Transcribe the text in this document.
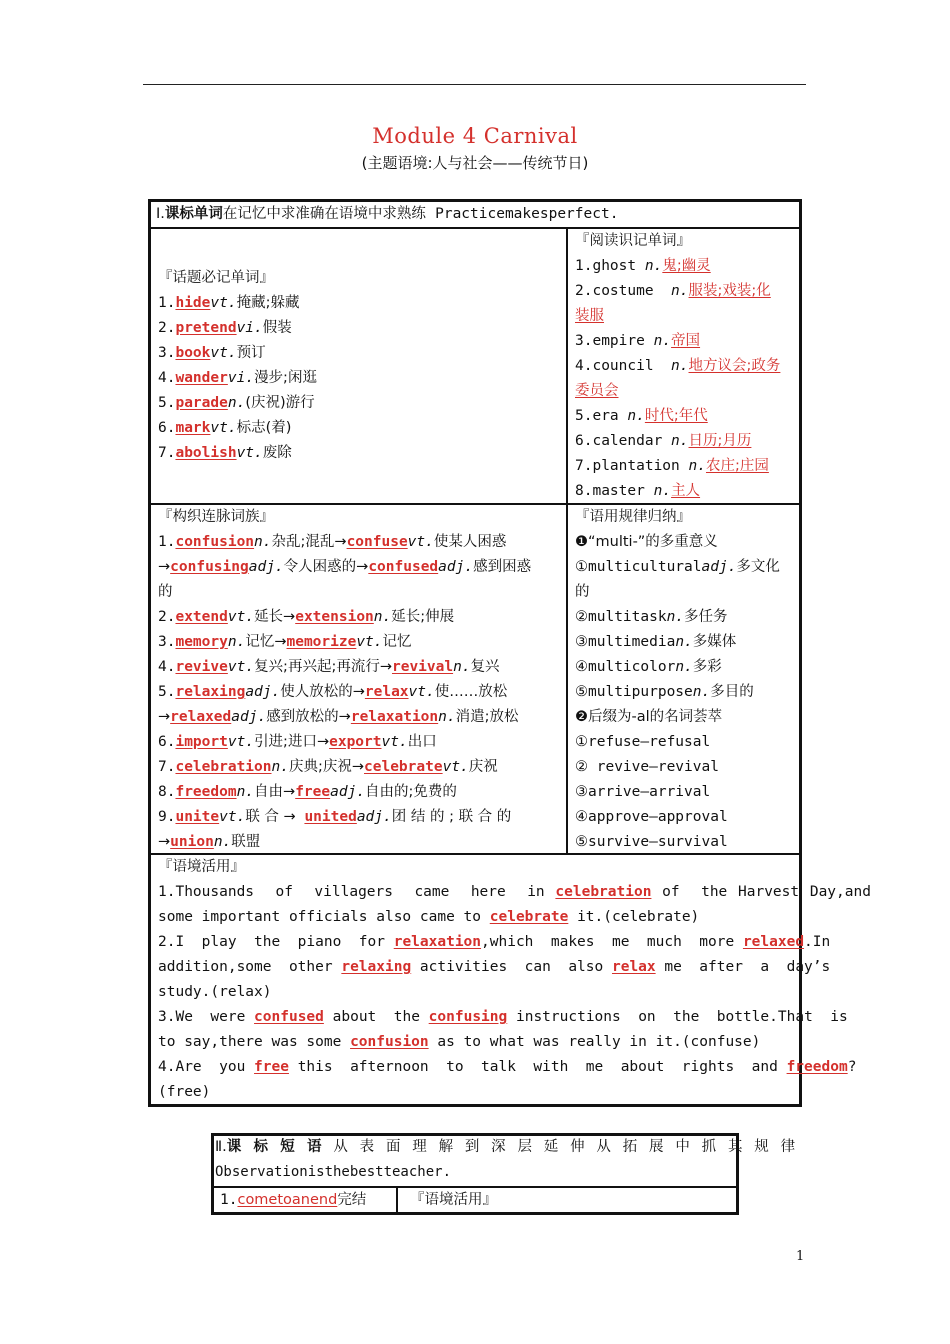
Module 4 Carnival
(主题语境:人与社会——传统节日)
Ⅰ.课标单词在记忆中求准确在语境中求熟练 Practicemakesperfect.
『话题必记单词』
1.hidevt.掩藏;躲藏
2.pretendvi.假装
3.bookvt.预订
4.wandervi.漫步;闲逛
5.paraden.(庆祝)游行
6.markvt.标志(着)
7.abolishvt.废除
『阅读识记单词』
1.ghost n.鬼;幽灵
2.costume n.服装;戏装;化
装服
3.empire n.帝国
4.council n.地方议会;政务
委员会
5.era n.时代;年代
6.calendar n.日历;月历
7.plantation n.农庄;庄园
8.master n.主人
『构织连脉词族』
1.confusionn.杂乱;混乱→confusevt.使某人困惑
→confusingadj.令人困惑的→confusedadj.感到困惑
的
2.extendvt.延长→extensionn.延长;伸展
3.memoryn.记忆→memorizevt.记忆
4.revivevt.复兴;再兴起;再流行→revivaln.复兴
5.relaxingadj.使人放松的→relaxvt.使……放松
→relaxedadj.感到放松的→relaxationn.消遣;放松
6.importvt.引进;进口→exportvt.出口
7.celebrationn.庆典;庆祝→celebratevt.庆祝
8.freedomn.自由→freeadj.自由的;免费的
9.unitevt.联 合 → unitedadj.团 结 的 ; 联 合 的
→unionn.联盟
『语用规律归纳』
❶“multi-”的多重意义
①multiculturaladj.多文化
的
②multitaskn.多任务
③multimedian.多媒体
④multicolorn.多彩
⑤multipurposen.多目的
❷后缀为-al的名词荟萃
①refuse—refusal
② revive—revival
③arrive—arrival
④approve—approval
⑤survive—survival
『语境活用』
1.Thousands  of  villagers  came  here  in celebration of  the Harvest Day,and
some important officials also came to celebrate it.(celebrate)
2.I  play  the  piano  for relaxation,which  makes  me  much  more relaxed.In
addition,some  other relaxing activities  can  also relax me  after  a  day’s
study.(relax)
3.We  were confused about  the confusing instructions  on  the  bottle.That  is
to say,there was some confusion as to what was really in it.(confuse)
4.Are  you free this  afternoon  to  talk  with  me  about  rights  and freedom?
(free)
Ⅱ.课 标 短 语 从 表 面 理 解 到 深 层 延 伸 从 拓 展 中 抓 其 规 律
Observationisthebestteacher.
1.cometoanend完结	『语境活用』
1
